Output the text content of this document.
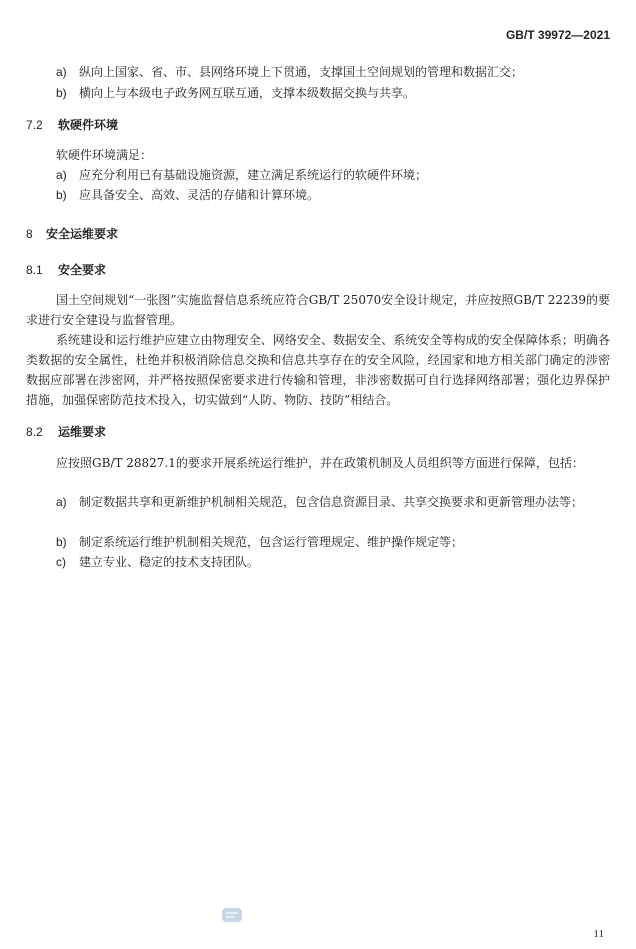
GB/T 39972—2021
a) 纵向上国家、省、市、县网络环境上下贯通，支撑国土空间规划的管理和数据汇交；
b) 横向上与本级电子政务网互联互通，支撑本级数据交换与共享。
7.2 软硬件环境
软硬件环境满足：
a) 应充分利用已有基础设施资源，建立满足系统运行的软硬件环境；
b) 应具备安全、高效、灵活的存储和计算环境。
8 安全运维要求
8.1 安全要求
国土空间规划“一张图”实施监督信息系统应符合GB/T 25070安全设计规定，并应按照GB/T 22239的要求进行安全建设与监督管理。
系统建设和运行维护应建立由物理安全、网络安全、数据安全、系统安全等构成的安全保障体系；明确各类数据的安全属性，杜绝并积极消除信息交换和信息共享存在的安全风险，经国家和地方相关部门确定的涉密数据应部署在涉密网，并严格按照保密要求进行传输和管理，非涉密数据可自行选择网络部署；强化边界保护措施，加强保密防范技术投入，切实做到“人防、物防、技防”相结合。
8.2 运维要求
应按照GB/T 28827.1的要求开展系统运行维护，并在政策机制及人员组织等方面进行保障，包括：
a) 制定数据共享和更新维护机制相关规范，包含信息资源目录、共享交换要求和更新管理办法等；
b) 制定系统运行维护机制相关规范，包含运行管理规定、维护操作规定等；
c) 建立专业、稳定的技术支持团队。
11
